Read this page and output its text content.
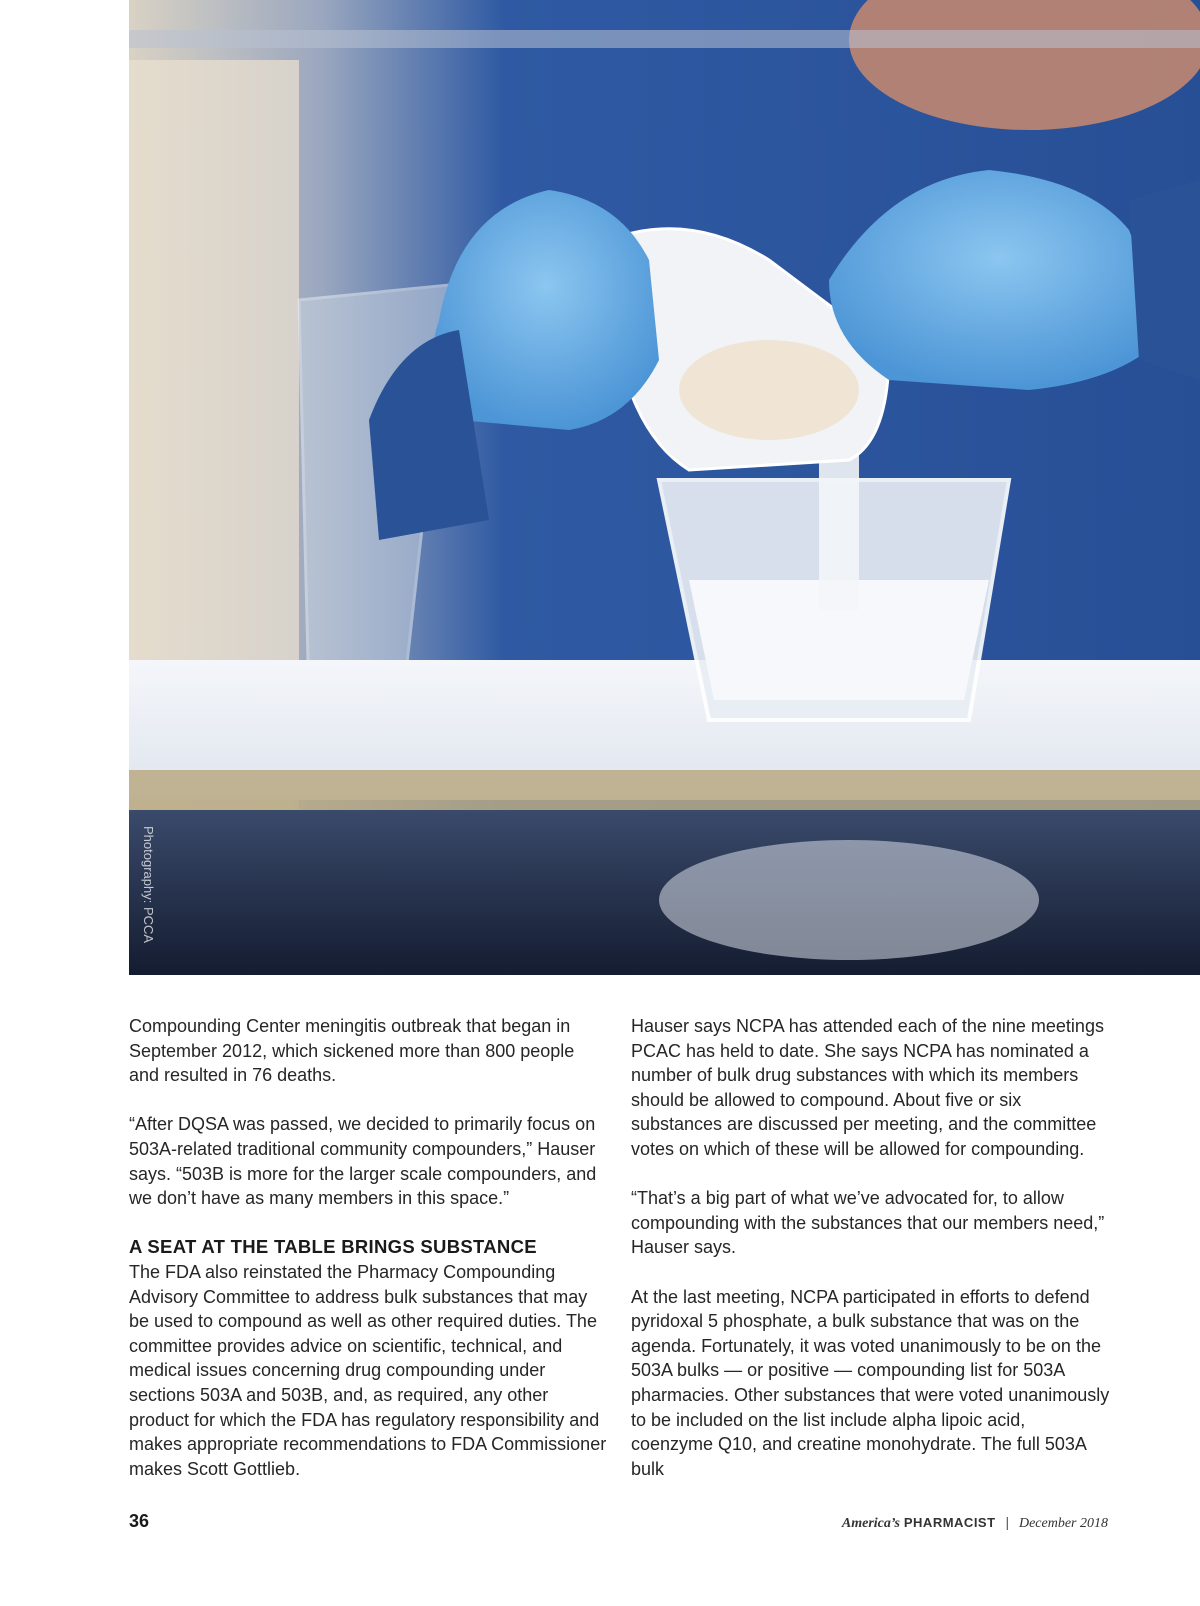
Photography: PCCA

Compounding Center meningitis outbreak that began in September 2012, which sickened more than 800 people and resulted in 76 deaths.

“After DQSA was passed, we decided to primarily focus on 503A-related traditional community compounders,” Hauser says. “503B is more for the larger scale compounders, and we don’t have as many members in this space.”

A SEAT AT THE TABLE BRINGS SUBSTANCE

The FDA also reinstated the Pharmacy Compounding Advisory Committee to address bulk substances that may be used to compound as well as other required duties. The committee provides advice on scientific, technical, and medical issues concerning drug compounding under sections 503A and 503B, and, as required, any other product for which the FDA has regulatory responsibility and makes appropriate recommendations to FDA Commissioner makes Scott Gottlieb.

Hauser says NCPA has attended each of the nine meetings PCAC has held to date. She says NCPA has nominated a number of bulk drug substances with which its members should be allowed to compound. About five or six substances are discussed per meeting, and the committee votes on which of these will be allowed for compounding.

“That’s a big part of what we’ve advocated for, to allow compounding with the substances that our members need,” Hauser says.

At the last meeting, NCPA participated in efforts to defend pyridoxal 5 phosphate, a bulk substance that was on the agenda. Fortunately, it was voted unanimously to be on the 503A bulks — or positive — compounding list for 503A pharmacies. Other substances that were voted unanimously to be included on the list include alpha lipoic acid, coenzyme Q10, and creatine monohydrate. The full 503A bulk

36	America’s PHARMACIST | December 2018
